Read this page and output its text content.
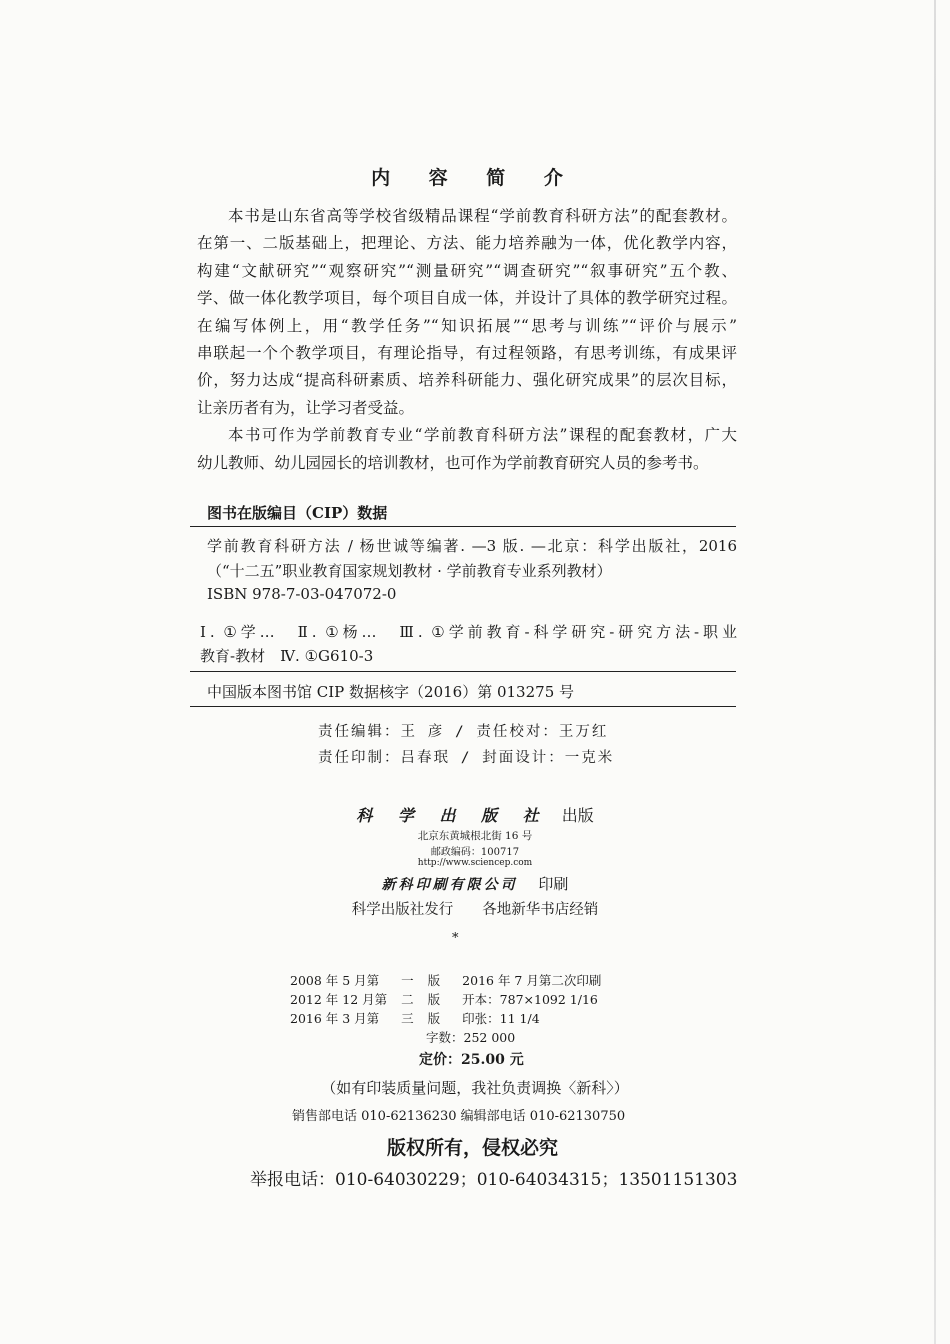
内 容 简 介
本书是山东省高等学校省级精品课程“学前教育科研方法”的配套教材。
在第一、二版基础上，把理论、方法、能力培养融为一体，优化教学内容，
构建“文献研究”“观察研究”“测量研究”“调查研究”“叙事研究”五个教、
学、做一体化教学项目，每个项目自成一体，并设计了具体的教学研究过程。
在编写体例上，用“教学任务”“知识拓展”“思考与训练”“评价与展示”
串联起一个个教学项目，有理论指导，有过程领路，有思考训练，有成果评
价，努力达成“提高科研素质、培养科研能力、强化研究成果”的层次目标，
让亲历者有为，让学习者受益。
本书可作为学前教育专业“学前教育科研方法”课程的配套教材，广大
幼儿教师、幼儿园园长的培训教材，也可作为学前教育研究人员的参考书。
图书在版编目（CIP）数据
学前教育科研方法 / 杨世诚等编著. —3 版. —北京：科学出版社，2016
（“十二五”职业教育国家规划教材 · 学前教育专业系列教材）
ISBN 978-7-03-047072-0
Ⅰ. ①学…　Ⅱ. ①杨…　Ⅲ. ①学前教育-科学研究-研究方法-职业
教育-教材　Ⅳ. ①G610-3
中国版本图书馆 CIP 数据核字（2016）第 013275 号
责任编辑：王 彦 / 责任校对：王万红
责任印制：吕春珉 / 封面设计：一克米
科 学 出 版 社 出版
北京东黄城根北街 16 号
邮政编码：100717
http://www.sciencep.com
新科印刷有限公司 印刷
科学出版社发行　　各地新华书店经销
*
2008 年 5 月第	一	版	2016 年 7 月第二次印刷
2012 年 12 月第	二	版	开本：787×1092 1/16
2016 年 3 月第	三	版	印张：11 1/4
字数：252 000
定价：25.00 元
（如有印装质量问题，我社负责调换〈新科〉）
销售部电话 010-62136230 编辑部电话 010-62130750
版权所有，侵权必究
举报电话：010-64030229；010-64034315；13501151303
